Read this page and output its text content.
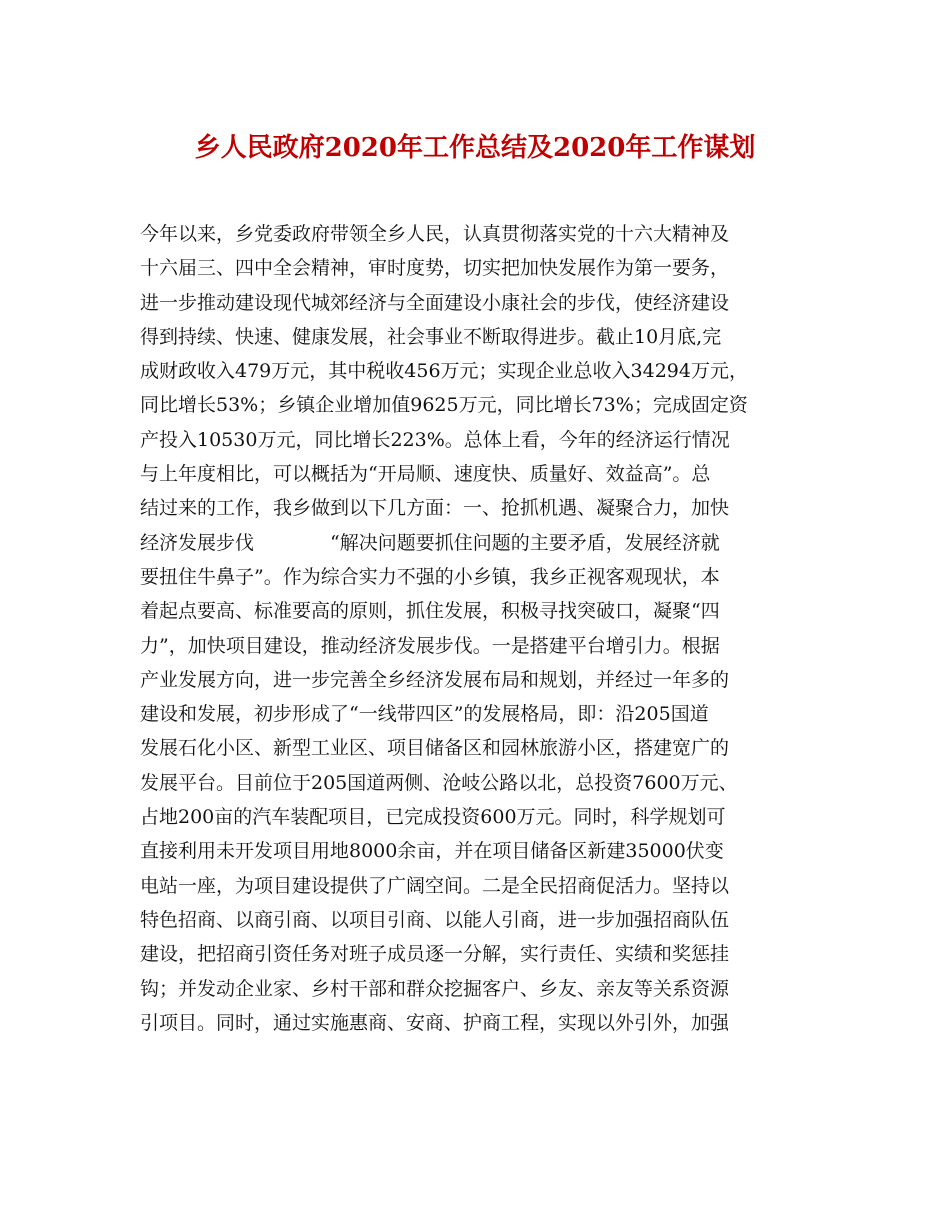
乡人民政府2020年工作总结及2020年工作谋划
今年以来，乡党委政府带领全乡人民，认真贯彻落实党的十六大精神及
十六届三、四中全会精神，审时度势，切实把加快发展作为第一要务，
进一步推动建设现代城郊经济与全面建设小康社会的步伐，使经济建设
得到持续、快速、健康发展，社会事业不断取得进步。截止10月底,完
成财政收入479万元，其中税收456万元；实现企业总收入34294万元，
同比增长53%；乡镇企业增加值9625万元，同比增长73%；完成固定资
产投入10530万元，同比增长223%。总体上看，今年的经济运行情况
与上年度相比，可以概括为“开局顺、速度快、质量好、效益高”。总
结过来的工作，我乡做到以下几方面：一、抢抓机遇、凝聚合力，加快
经济发展步伐　　　　“解决问题要抓住问题的主要矛盾，发展经济就
要扭住牛鼻子”。作为综合实力不强的小乡镇，我乡正视客观现状，本
着起点要高、标准要高的原则，抓住发展，积极寻找突破口，凝聚“四
力”，加快项目建设，推动经济发展步伐。一是搭建平台增引力。根据
产业发展方向，进一步完善全乡经济发展布局和规划，并经过一年多的
建设和发展，初步形成了“一线带四区”的发展格局，即：沿205国道
发展石化小区、新型工业区、项目储备区和园林旅游小区，搭建宽广的
发展平台。目前位于205国道两侧、沧岐公路以北，总投资7600万元、
占地200亩的汽车装配项目，已完成投资600万元。同时，科学规划可
直接利用未开发项目用地8000余亩，并在项目储备区新建35000伏变
电站一座，为项目建设提供了广阔空间。二是全民招商促活力。坚持以
特色招商、以商引商、以项目引商、以能人引商，进一步加强招商队伍
建设，把招商引资任务对班子成员逐一分解，实行责任、实绩和奖惩挂
钩；并发动企业家、乡村干部和群众挖掘客户、乡友、亲友等关系资源
引项目。同时，通过实施惠商、安商、护商工程，实现以外引外，加强
